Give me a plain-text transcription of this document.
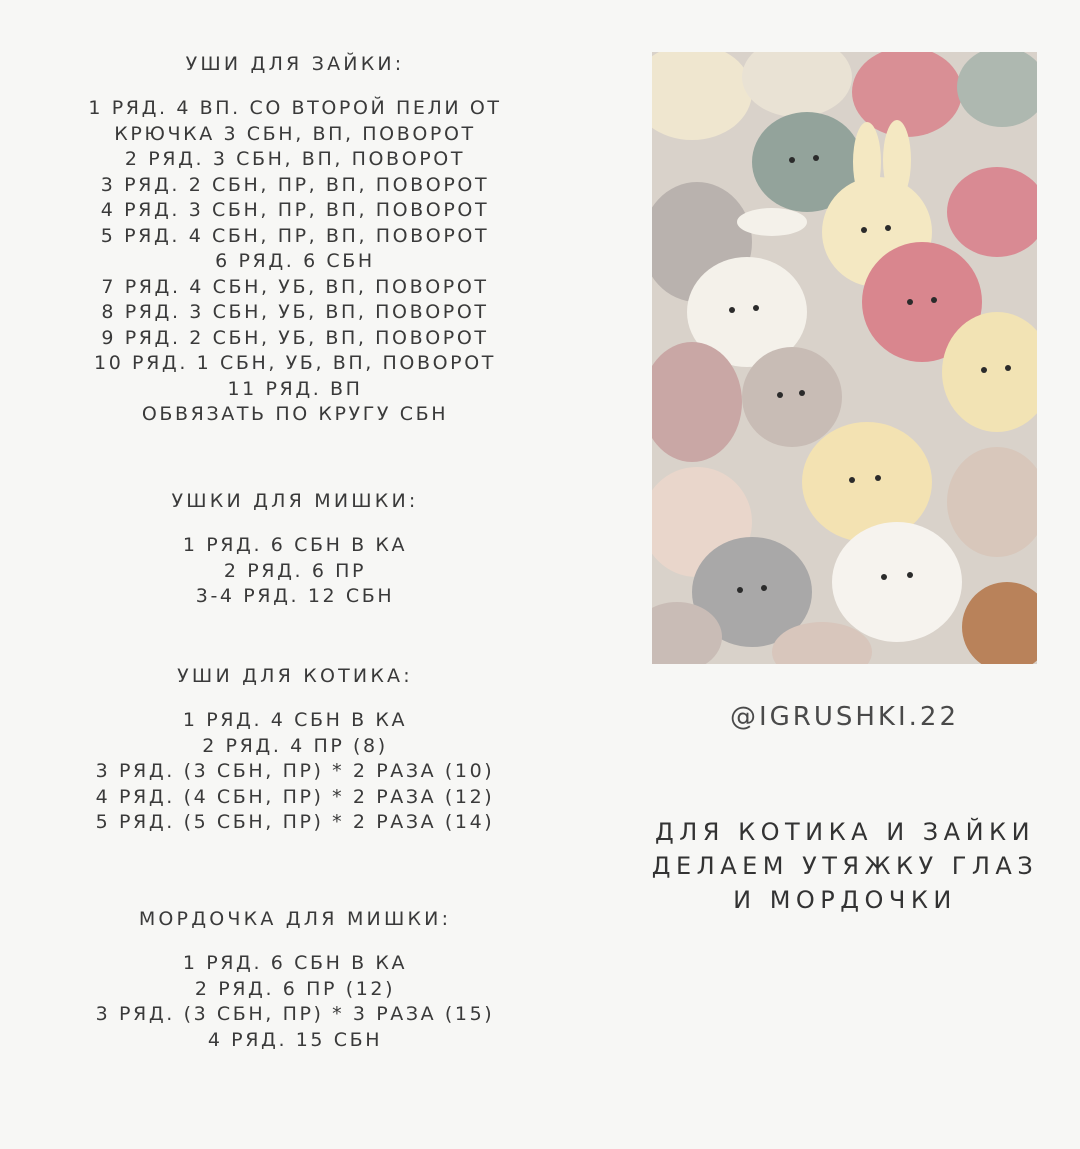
УШИ ДЛЯ ЗАЙКИ:
1 РЯД. 4 ВП. СО ВТОРОЙ ПЕЛИ ОТ
КРЮЧКА 3 СБН, ВП, ПОВОРОТ
2 РЯД. 3 СБН, ВП, ПОВОРОТ
3 РЯД. 2 СБН, ПР, ВП, ПОВОРОТ
4 РЯД. 3 СБН, ПР, ВП, ПОВОРОТ
5 РЯД. 4 СБН, ПР, ВП, ПОВОРОТ
6 РЯД. 6 СБН
7 РЯД. 4 СБН, УБ, ВП, ПОВОРОТ
8 РЯД. 3 СБН, УБ, ВП, ПОВОРОТ
9 РЯД. 2 СБН, УБ, ВП, ПОВОРОТ
10 РЯД. 1 СБН, УБ, ВП, ПОВОРОТ
11 РЯД. ВП
ОБВЯЗАТЬ ПО КРУГУ СБН
УШКИ ДЛЯ МИШКИ:
1 РЯД. 6 СБН В КА
2 РЯД. 6 ПР
3-4 РЯД. 12 СБН
УШИ ДЛЯ КОТИКА:
1 РЯД. 4 СБН В КА
2 РЯД. 4 ПР (8)
3 РЯД. (3 СБН, ПР) * 2 РАЗА (10)
4 РЯД. (4 СБН, ПР) * 2 РАЗА (12)
5 РЯД. (5 СБН, ПР) * 2 РАЗА (14)
МОРДОЧКА ДЛЯ МИШКИ:
1 РЯД. 6 СБН В КА
2 РЯД. 6 ПР (12)
3 РЯД. (3 СБН, ПР) * 3 РАЗА (15)
4 РЯД. 15 СБН
@IGRUSHKI.22
ДЛЯ КОТИКА И ЗАЙКИ
ДЕЛАЕМ УТЯЖКУ ГЛАЗ
И МОРДОЧКИ
